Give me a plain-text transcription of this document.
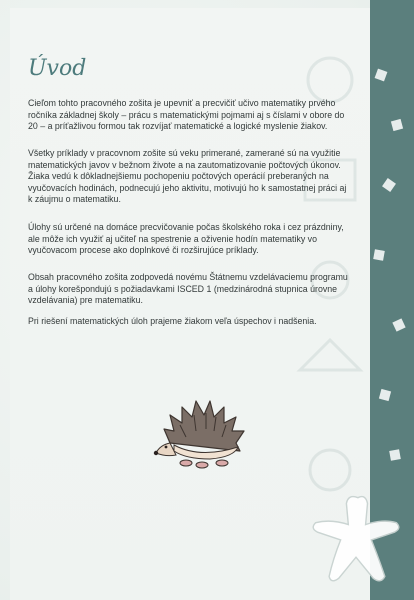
Úvod

Cieľom tohto pracovného zošita je upevniť a precvičiť učivo matematiky prvého ročníka základnej školy – prácu s matematickými pojmami aj s číslami v obore do 20 – a príťažlivou formou tak rozvíjať matematické a logické myslenie žiakov.

Všetky príklady v pracovnom zošite sú veku primerané, zamerané sú na využitie matematických javov v bežnom živote a na zautomatizovanie počtových úkonov. Žiaka vedú k dôkladnejšiemu pochopeniu počtových operácií preberaných na vyučovacích hodinách, podnecujú jeho aktivitu, motivujú ho k samostatnej práci aj k záujmu o matematiku.

Úlohy sú určené na domáce precvičovanie počas školského roka i cez prázdniny, ale môže ich využiť aj učiteľ na spestrenie a oživenie hodín matematiky vo vyučovacom procese ako doplnkové či rozširujúce príklady.

Obsah pracovného zošita zodpovedá novému Štátnemu vzdelávaciemu programu a úlohy korešpondujú s požiadavkami ISCED 1 (medzinárodná stupnica úrovne vzdelávania) pre matematiku.

Pri riešení matematických úloh prajeme žiakom veľa úspechov i nadšenia.
